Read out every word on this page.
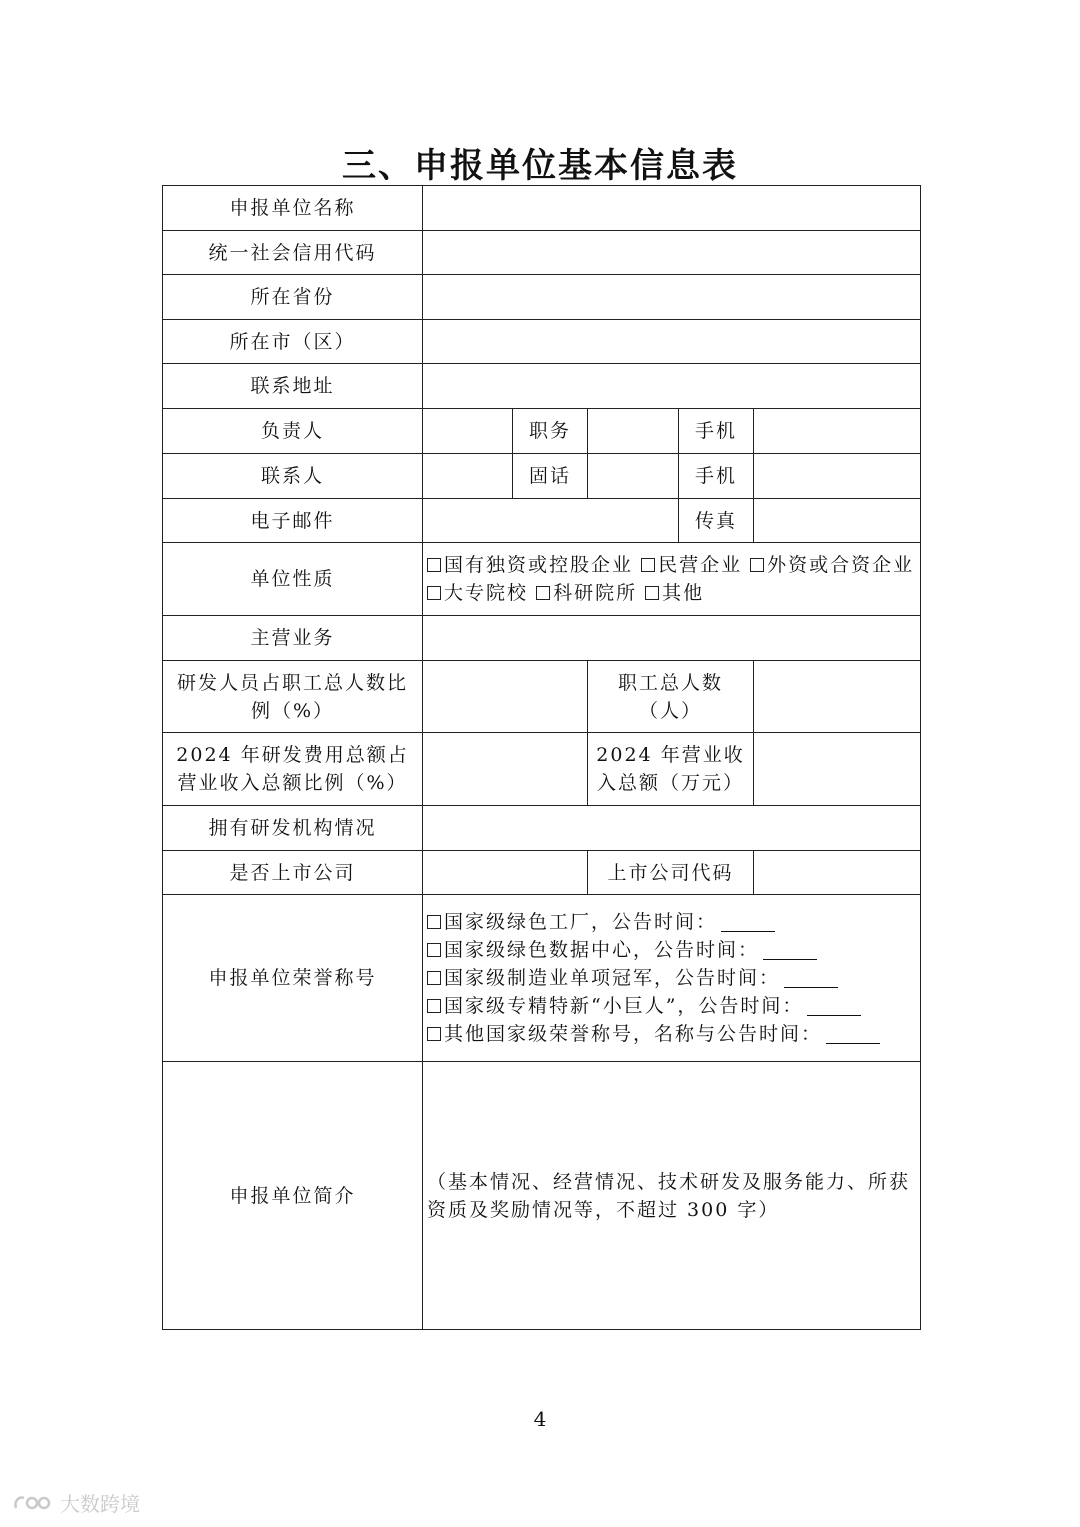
三、申报单位基本信息表
申报单位名称					
统一社会信用代码					
所在省份					
所在市（区）					
联系地址					
负责人		职务		手机	
联系人		固话		手机	
电子邮件				传真	
单位性质	国有独资或控股企业 民营企业 外资或合资企业 大专院校 科研院所 其他				
主营业务					
研发人员占职工总人数比例（%）			职工总人数（人）		
2024 年研发费用总额占营业收入总额比例（%）			2024 年营业收入总额（万元）		
拥有研发机构情况					
是否上市公司			上市公司代码		
申报单位荣誉称号	国家级绿色工厂，公告时间：
国家级绿色数据中心，公告时间：
国家级制造业单项冠军，公告时间：
国家级专精特新“小巨人”，公告时间：
其他国家级荣誉称号，名称与公告时间：				

申报单位简介	（基本情况、经营情况、技术研发及服务能力、所获资质及奖励情况等，不超过 300 字）				
4
大数跨境
